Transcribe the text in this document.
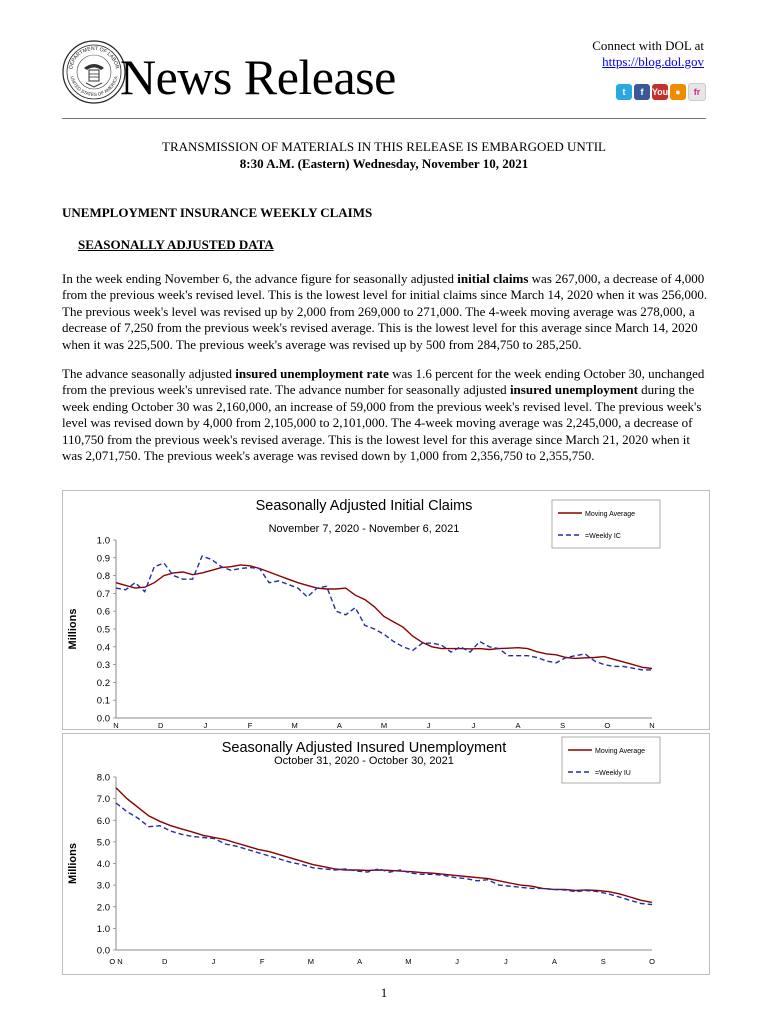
DEPARTMENT OF LABOR
UNITED STATES OF AMERICA News Release
Connect with DOL at
https://blog.dol.gov
t	f You ●	fr
TRANSMISSION OF MATERIALS IN THIS RELEASE IS EMBARGOED UNTIL
8:30 A.M. (Eastern) Wednesday, November 10, 2021
UNEMPLOYMENT INSURANCE WEEKLY CLAIMS
SEASONALLY ADJUSTED DATA
In the week ending November 6, the advance figure for seasonally adjusted initial claims was 267,000, a decrease of 4,000 from the previous week's revised level. This is the lowest level for initial claims since March 14, 2020 when it was 256,000. The previous week's level was revised up by 2,000 from 269,000 to 271,000. The 4-week moving average was 278,000, a decrease of 7,250 from the previous week's revised average. This is the lowest level for this average since March 14, 2020 when it was 225,500. The previous week's average was revised up by 500 from 284,750 to 285,250.
The advance seasonally adjusted insured unemployment rate was 1.6 percent for the week ending October 30, unchanged from the previous week's unrevised rate. The advance number for seasonally adjusted insured unemployment during the week ending October 30 was 2,160,000, an increase of 59,000 from the previous week's revised level. The previous week's level was revised down by 4,000 from 2,105,000 to 2,101,000. The 4-week moving average was 2,245,000, a decrease of 110,750 from the previous week's revised average. This is the lowest level for this average since March 21, 2020 when it was 2,071,750. The previous week's average was revised down by 1,000 from 2,356,750 to 2,355,750.
Seasonally Adjusted Initial Claims
November 7, 2020 - November 6, 2021
0.0
0.1
0.2
0.3
0.4
0.5
0.6
0.7
0.8
0.9
1.0
Millions
N	D	J	F	M	A	M	J	J	A	S	O	N
Moving Average
=Weekly IC
Seasonally Adjusted Insured Unemployment
October 31, 2020 - October 30, 2021
0.0
1.0
2.0
3.0
4.0
5.0
6.0
7.0
8.0
Millions
O N	D	J	F	M	A	M	J	J	A	S	O
Moving Average
=Weekly IU
1
